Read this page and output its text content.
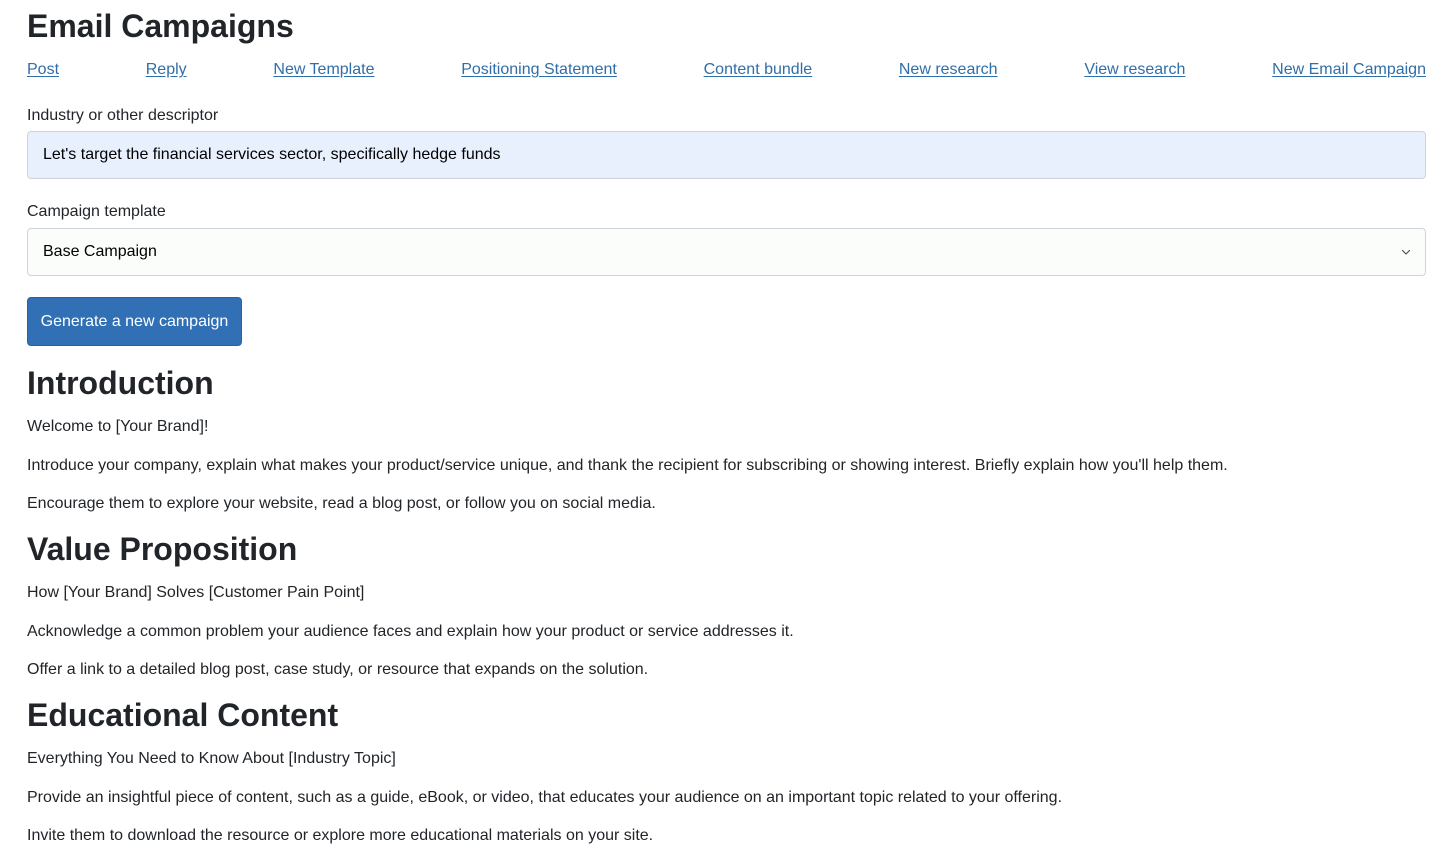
Email Campaigns
Post	Reply	New Template	Positioning Statement	Content bundle	New research	View research	New Email Campaign
Industry or other descriptor
Let's target the financial services sector, specifically hedge funds
Campaign template
Base Campaign
Generate a new campaign
Introduction

Welcome to [Your Brand]!

Introduce your company, explain what makes your product/service unique, and thank the recipient for subscribing or showing interest. Briefly explain how you'll help them.

Encourage them to explore your website, read a blog post, or follow you on social media.

Value Proposition

How [Your Brand] Solves [Customer Pain Point]

Acknowledge a common problem your audience faces and explain how your product or service addresses it.

Offer a link to a detailed blog post, case study, or resource that expands on the solution.

Educational Content

Everything You Need to Know About [Industry Topic]

Provide an insightful piece of content, such as a guide, eBook, or video, that educates your audience on an important topic related to your offering.

Invite them to download the resource or explore more educational materials on your site.
